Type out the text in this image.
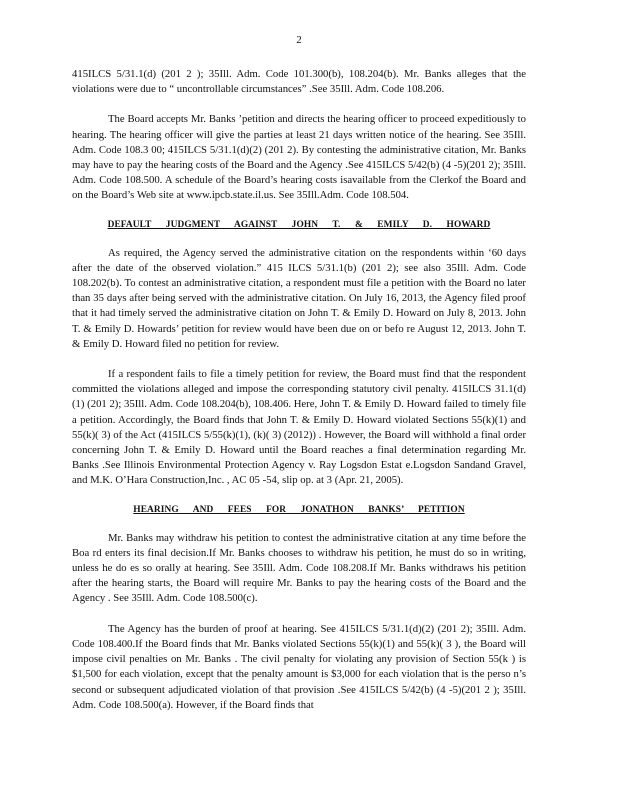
2

415ILCS 5/31.1(d) (201 2 ); 35Ill. Adm. Code 101.300(b), 108.204(b). Mr. Banks alleges that the violations were due to “ uncontrollable circumstances” .See 35Ill. Adm. Code 108.206.

The Board accepts Mr. Banks ’petition and directs the hearing officer to proceed expeditiously to hearing. The hearing officer will give the parties at least 21 days written notice of the hearing. See 35Ill. Adm. Code 108.3 00; 415ILCS 5/31.1(d)(2) (201 2). By contesting the administrative citation, Mr. Banks may have to pay the hearing costs of the Board and the Agency .See 415ILCS 5/42(b) (4 -5)(201 2); 35Ill. Adm. Code 108.500. A schedule of the Board’s hearing costs isavailable from the Clerkof the Board and on the Board’s Web site at www.ipcb.state.il.us. See 35Ill.Adm. Code 108.504.

DEFAULT JUDGMENT AGAINST JOHN T. & EMILY D. HOWARD

As required, the Agency served the administrative citation on the respondents within ‘60 days after the date of the observed violation.” 415 ILCS 5/31.1(b) (201 2); see also 35Ill. Adm. Code 108.202(b). To contest an administrative citation, a respondent must file a petition with the Board no later than 35 days after being served with the administrative citation. On July 16, 2013, the Agency filed proof that it had timely served the administrative citation on John T. & Emily D. Howard on July 8, 2013. John T. & Emily D. Howards’ petition for review would have been due on or befo re August 12, 2013. John T. & Emily D. Howard filed no petition for review.

If a respondent fails to file a timely petition for review, the Board must find that the respondent committed the violations alleged and impose the corresponding statutory civil penalty. 415ILCS 31.1(d) (1) (201 2); 35Ill. Adm. Code 108.204(b), 108.406. Here, John T. & Emily D. Howard failed to timely file a petition. Accordingly, the Board finds that John T. & Emily D. Howard violated Sections 55(k)(1) and 55(k)( 3) of the Act (415ILCS 5/55(k)(1), (k)( 3) (2012)) . However, the Board will withhold a final order concerning John T. & Emily D. Howard until the Board reaches a final determination regarding Mr. Banks .See Illinois Environmental Protection Agency v. Ray Logsdon Estat e.Logsdon Sandand Gravel, and M.K. O’Hara Construction,Inc. , AC 05 -54, slip op. at 3 (Apr. 21, 2005).

HEARING AND FEES FOR JONATHON BANKS’ PETITION

Mr. Banks may withdraw his petition to contest the administrative citation at any time before the Boa rd enters its final decision.If Mr. Banks chooses to withdraw his petition, he must do so in writing, unless he do es so orally at hearing. See 35Ill. Adm. Code 108.208.If Mr. Banks withdraws his petition after the hearing starts, the Board will require Mr. Banks to pay the hearing costs of the Board and the Agency . See 35Ill. Adm. Code 108.500(c).

The Agency has the burden of proof at hearing. See 415ILCS 5/31.1(d)(2) (201 2); 35Ill. Adm. Code 108.400.If the Board finds that Mr. Banks violated Sections 55(k)(1) and 55(k)( 3 ), the Board will impose civil penalties on Mr. Banks . The civil penalty for violating any provision of Section 55(k ) is $1,500 for each violation, except that the penalty amount is $3,000 for each violation that is the perso n’s second or subsequent adjudicated violation of that provision .See 415ILCS 5/42(b) (4 -5)(201 2 ); 35Ill. Adm. Code 108.500(a). However, if the Board finds that
